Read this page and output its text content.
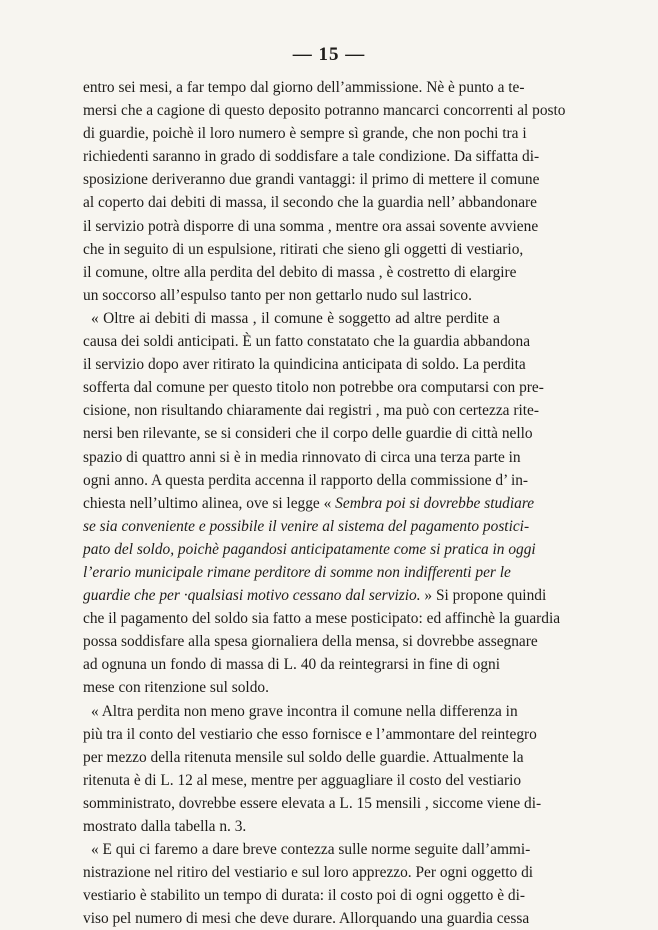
— 15 —
entro sei mesi, a far tempo dal giorno dell’ammissione. Nè è punto a te-
mersi che a cagione di questo deposito potranno mancarci concorrenti al posto
di guardie, poichè il loro numero è sempre sì grande, che non pochi tra i
richiedenti saranno in grado di soddisfare a tale condizione. Da siffatta di-
sposizione deriveranno due grandi vantaggi: il primo di mettere il comune
al coperto dai debiti di massa, il secondo che la guardia nell’ abbandonare
il servizio potrà disporre di una somma , mentre ora assai sovente avviene
che in seguito di un espulsione, ritirati che sieno gli oggetti di vestiario,
il comune, oltre alla perdita del debito di massa , è costretto di elargire
un soccorso all’espulso tanto per non gettarlo nudo sul lastrico.
« Oltre ai debiti di massa , il comune è soggetto ad altre perdite a
causa dei soldi anticipati. È un fatto constatato che la guardia abbandona
il servizio dopo aver ritirato la quindicina anticipata di soldo. La perdita
sofferta dal comune per questo titolo non potrebbe ora computarsi con pre-
cisione, non risultando chiaramente dai registri , ma può con certezza rite-
nersi ben rilevante, se si consideri che il corpo delle guardie di città nello
spazio di quattro anni si è in media rinnovato di circa una terza parte in
ogni anno. A questa perdita accenna il rapporto della commissione d’ in-
chiesta nell’ultimo alinea, ove si legge « Sembra poi si dovrebbe studiare
se sia conveniente e possibile il venire al sistema del pagamento postici-
pato del soldo, poichè pagandosi anticipatamente come si pratica in oggi
l’erario municipale rimane perditore di somme non indifferenti per le
guardie che per ·qualsiasi motivo cessano dal servizio. » Si propone quindi
che il pagamento del soldo sia fatto a mese posticipato: ed affinchè la guardia
possa soddisfare alla spesa giornaliera della mensa, si dovrebbe assegnare
ad ognuna un fondo di massa di L. 40 da reintegrarsi in fine di ogni
mese con ritenzione sul soldo.
« Altra perdita non meno grave incontra il comune nella differenza in
più tra il conto del vestiario che esso fornisce e l’ammontare del reintegro
per mezzo della ritenuta mensile sul soldo delle guardie. Attualmente la
ritenuta è di L. 12 al mese, mentre per agguagliare il costo del vestiario
somministrato, dovrebbe essere elevata a L. 15 mensili , siccome viene di-
mostrato dalla tabella n. 3.
« E qui ci faremo a dare breve contezza sulle norme seguite dall’ammi-
nistrazione nel ritiro del vestiario e sul loro apprezzo. Per ogni oggetto di
vestiario è stabilito un tempo di durata: il costo poi di ogni oggetto è di-
viso pel numero di mesi che deve durare. Allorquando una guardia cessa
